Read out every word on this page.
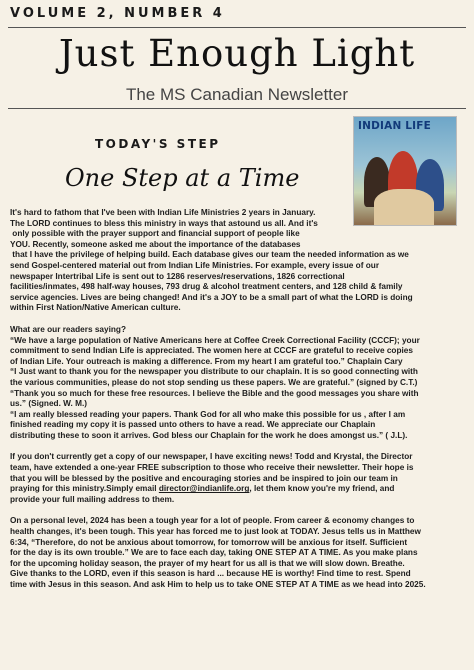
VOLUME 2, NUMBER 4
Just Enough Light
The MS Canadian Newsletter
TODAY'S STEP
One Step at a Time
INDIAN LIFE

It's hard to fathom that I've been with Indian Life Ministries 2 years in January.
The LORD continues to bless this ministry in ways that astound us all. And it's
only possible with the prayer support and financial support of people like
YOU. Recently, someone asked me about the importance of the databases
that I have the privilege of helping build. Each database gives our team the needed information as we
send Gospel-centered material out from Indian Life Ministries. For example, every issue of our
newspaper Intertribal Life is sent out to 1286 reserves/reservations, 1826 correctional
facilities/inmates, 498 half-way houses, 793 drug & alcohol treatment centers, and 128 child & family
service agencies. Lives are being changed! And it's a JOY to be a small part of what the LORD is doing
within First Nation/Native American culture.

What are our readers saying?
“We have a large population of Native Americans here at Coffee Creek Correctional Facility (CCCF); your
commitment to send Indian Life is appreciated. The women here at CCCF are grateful to receive copies
of Indian Life. Your outreach is making a difference. From my heart I am grateful too.” Chaplain Cary
“I Just want to thank you for the newspaper you distribute to our chaplain. It is so good connecting with
the various communities, please do not stop sending us these papers. We are grateful.” (signed by C.T.)
“Thank you so much for these free resources. I believe the Bible and the good messages you share with
us.” (Signed. W. M.)
“I am really blessed reading your papers. Thank God for all who make this possible for us , after I am
finished reading my copy it is passed unto others to have a read. We appreciate our Chaplain
distributing these to soon it arrives. God bless our Chaplain for the work he does amongst us.” ( J.L).

If you don't currently get a copy of our newspaper, I have exciting news! Todd and Krystal, the Director
team, have extended a one-year FREE subscription to those who receive their newsletter. Their hope is
that you will be blessed by the positive and encouraging stories and be inspired to join our team in
praying for this ministry.Simply email director@indianlife.org, let them know you're my friend, and
provide your full mailing address to them.

On a personal level, 2024 has been a tough year for a lot of people. From career & economy changes to
health changes, it's been tough. This year has forced me to just look at TODAY. Jesus tells us in Matthew
6:34, “Therefore, do not be anxious about tomorrow, for tomorrow will be anxious for itself. Sufficient
for the day is its own trouble.” We are to face each day, taking ONE STEP AT A TIME. As you make plans
for the upcoming holiday season, the prayer of my heart for us all is that we will slow down. Breathe.
Give thanks to the LORD, even if this season is hard ... because HE is worthy! Find time to rest. Spend
time with Jesus in this season. And ask Him to help us to take ONE STEP AT A TIME as we head into 2025.
